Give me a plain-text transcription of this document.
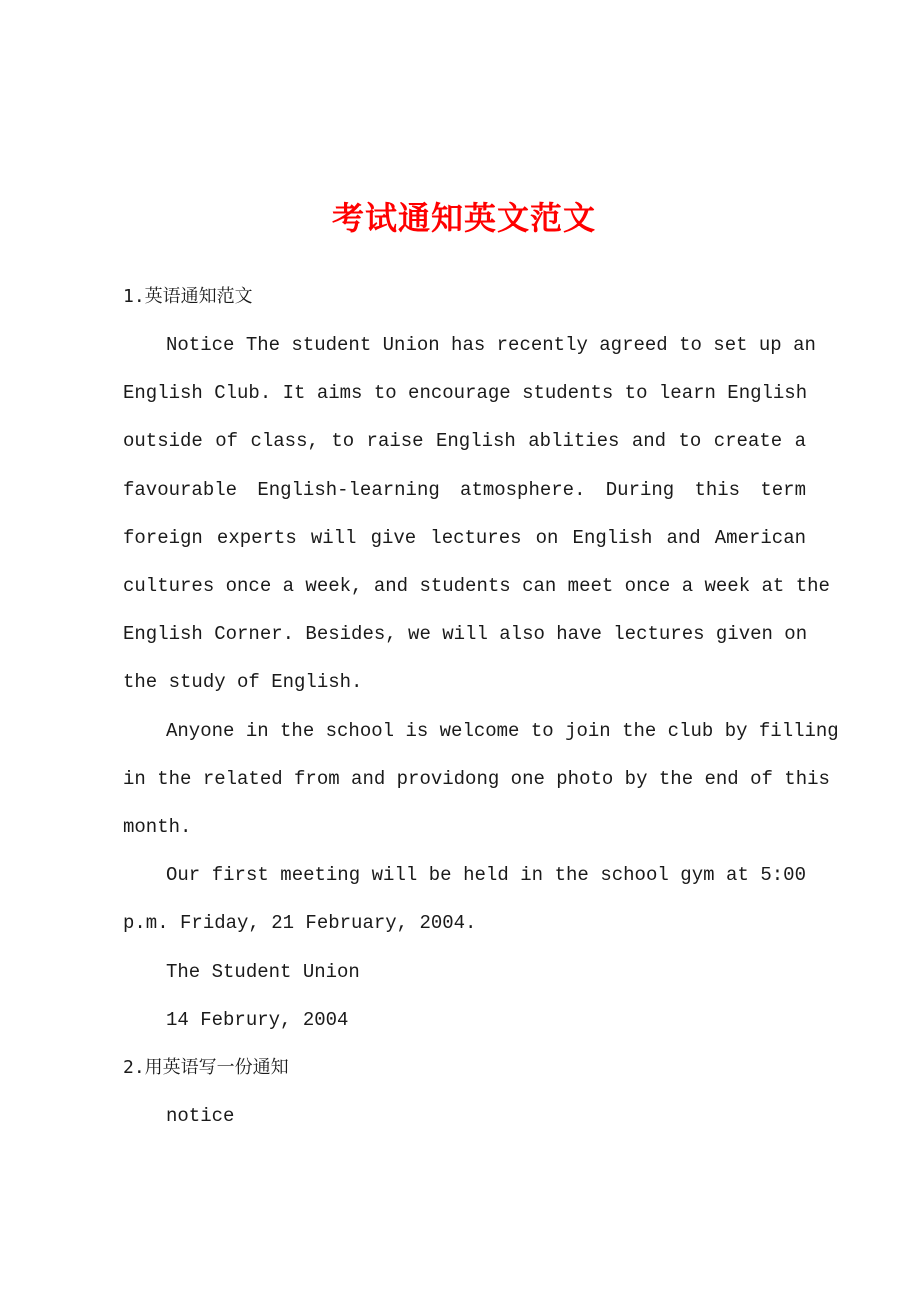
考试通知英文范文
1.英语通知范文
Notice The student Union has recently agreed to set up an
English Club. It aims to encourage students to learn English
outside of class, to raise English ablities and to create a
favourable English-learning atmosphere. During this term
foreign experts will give lectures on English and American
cultures once a week, and students can meet once a week at the
English Corner. Besides, we will also have lectures given on
the study of English.
Anyone in the school is welcome to join the club by filling
in the related from and providong one photo by the end of this
month.
Our first meeting will be held in the school gym at 5:00
p.m. Friday, 21 February, 2004.
The Student Union
14 Februry, 2004
2.用英语写一份通知
notice
